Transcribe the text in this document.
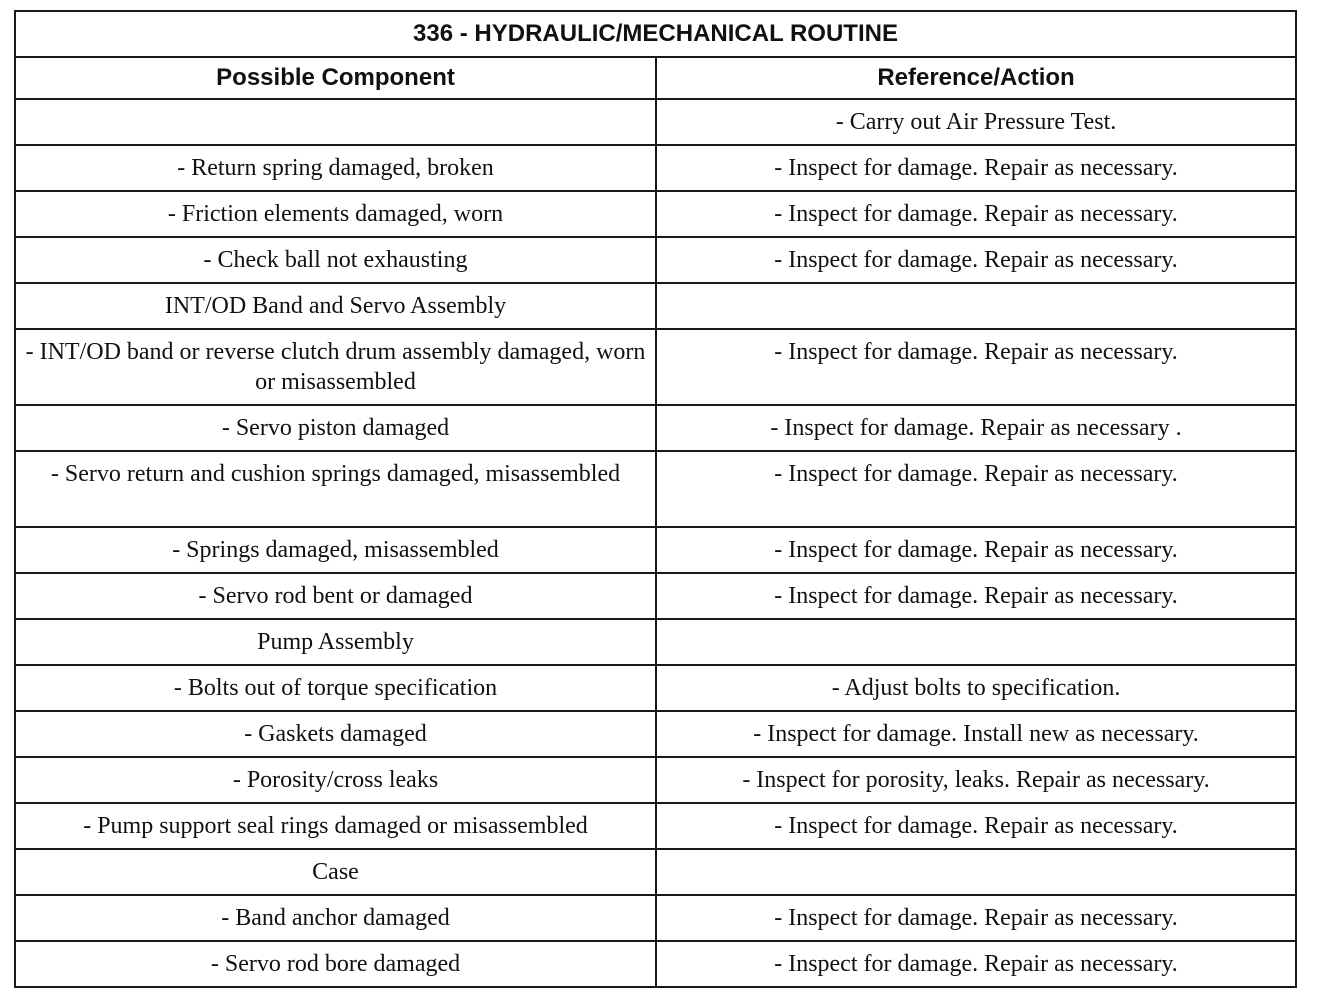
336 - HYDRAULIC/MECHANICAL ROUTINE	
Possible Component	Reference/Action
	- Carry out Air Pressure Test.
- Return spring damaged, broken	- Inspect for damage. Repair as necessary.
- Friction elements damaged, worn	- Inspect for damage. Repair as necessary.
- Check ball not exhausting	- Inspect for damage. Repair as necessary.
INT/OD Band and Servo Assembly	
- INT/OD band or reverse clutch drum assembly damaged, worn or misassembled	- Inspect for damage. Repair as necessary.
- Servo piston damaged	- Inspect for damage. Repair as necessary .
- Servo return and cushion springs damaged, misassembled	- Inspect for damage. Repair as necessary.
- Springs damaged, misassembled	- Inspect for damage. Repair as necessary.
- Servo rod bent or damaged	- Inspect for damage. Repair as necessary.
Pump Assembly	
- Bolts out of torque specification	- Adjust bolts to specification.
- Gaskets damaged	- Inspect for damage. Install new as necessary.
- Porosity/cross leaks	- Inspect for porosity, leaks. Repair as necessary.
- Pump support seal rings damaged or misassembled	- Inspect for damage. Repair as necessary.
Case	
- Band anchor damaged	- Inspect for damage. Repair as necessary.
- Servo rod bore damaged	- Inspect for damage. Repair as necessary.
